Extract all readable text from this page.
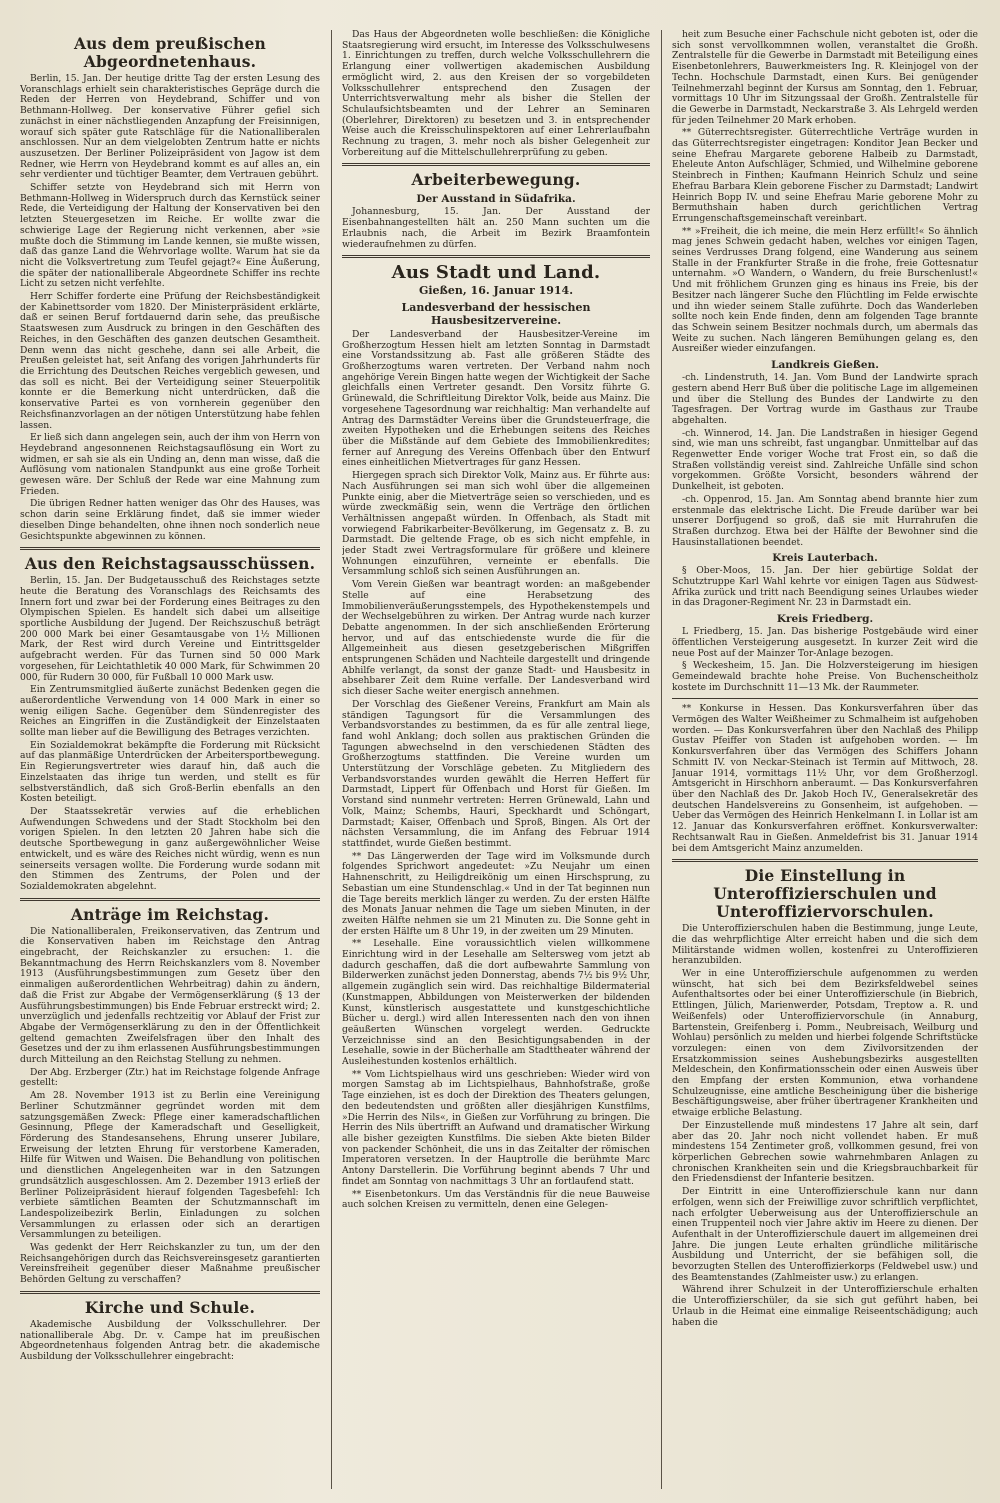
Aus dem preußischen Abgeordnetenhaus.

Berlin, 15. Jan. Der heutige dritte Tag der ersten Lesung des Voranschlags erhielt sein charakteristisches Gepräge durch die Reden der Herren von Heydebrand, Schiffer und von Bethmann-Hollweg. Der konservative Führer gefiel sich zunächst in einer nächstliegenden Anzapfung der Freisinnigen, worauf sich später gute Ratschläge für die Nationalliberalen anschlossen. Nur an dem vielgelobten Zentrum hatte er nichts auszusetzen. Der Berliner Polizeipräsident von Jagow ist dem Redner, wie Herrn von Heydebrand kommt es auf alles an, ein sehr verdienter und tüchtiger Beamter, dem Vertrauen gebührt.

Schiffer setzte von Heydebrand sich mit Herrn von Bethmann-Hollweg in Widerspruch durch das Kernstück seiner Rede, die Verteidigung der Haltung der Konservativen bei den letzten Steuergesetzen im Reiche. Er wollte zwar die schwierige Lage der Regierung nicht verkennen, aber »sie mußte doch die Stimmung im Lande kennen, sie mußte wissen, daß das ganze Land die Wehrvorlage wollte. Warum hat sie da nicht die Volksvertretung zum Teufel gejagt?« Eine Äußerung, die später der nationalliberale Abgeordnete Schiffer ins rechte Licht zu setzen nicht verfehlte.

Herr Schiffer forderte eine Prüfung der Reichsbeständigkeit der Kabinettsorder vom 1820. Der Ministerpräsident erklärte, daß er seinen Beruf fortdauernd darin sehe, das preußische Staatswesen zum Ausdruck zu bringen in den Geschäften des Reiches, in den Geschäften des ganzen deutschen Gesamtheit. Denn wenn das nicht geschehe, dann sei alle Arbeit, die Preußen geleistet hat, seit Anfang des vorigen Jahrhunderts für die Errichtung des Deutschen Reiches vergeblich gewesen, und das soll es nicht. Bei der Verteidigung seiner Steuerpolitik konnte er die Bemerkung nicht unterdrücken, daß die konservative Partei es von vornherein gegenüber den Reichsfinanzvorlagen an der nötigen Unterstützung habe fehlen lassen.

Er ließ sich dann angelegen sein, auch der ihm von Herrn von Heydebrand angesonnenen Reichstagsauflösung ein Wort zu widmen, er sah sie als ein Unding an, denn man wisse, daß die Auflösung vom nationalen Standpunkt aus eine große Torheit gewesen wäre. Der Schluß der Rede war eine Mahnung zum Frieden.

Die übrigen Redner hatten weniger das Ohr des Hauses, was schon darin seine Erklärung findet, daß sie immer wieder dieselben Dinge behandelten, ohne ihnen noch sonderlich neue Gesichtspunkte abgewinnen zu können.

Aus den Reichstagsausschüssen.

Berlin, 15. Jan. Der Budgetausschuß des Reichstages setzte heute die Beratung des Voranschlags des Reichsamts des Innern fort und zwar bei der Forderung eines Beitrages zu den Olympischen Spielen. Es handelt sich dabei um allseitige sportliche Ausbildung der Jugend. Der Reichszuschuß beträgt 200 000 Mark bei einer Gesamtausgabe von 1½ Millionen Mark, der Rest wird durch Vereine und Eintrittsgelder aufgebracht werden. Für das Turnen sind 50 000 Mark vorgesehen, für Leichtathletik 40 000 Mark, für Schwimmen 20 000, für Rudern 30 000, für Fußball 10 000 Mark usw.

Ein Zentrumsmitglied äußerte zunächst Bedenken gegen die außerordentliche Verwendung von 14 000 Mark in einer so wenig eiligen Sache. Gegenüber dem Sündenregister des Reiches an Eingriffen in die Zuständigkeit der Einzelstaaten sollte man lieber auf die Bewilligung des Betrages verzichten.

Ein Sozialdemokrat bekämpfte die Forderung mit Rücksicht auf das planmäßige Unterdrücken der Arbeitersportbewegung. Ein Regierungsvertreter wies darauf hin, daß auch die Einzelstaaten das ihrige tun werden, und stellt es für selbstverständlich, daß sich Groß-Berlin ebenfalls an den Kosten beteiligt.

Der Staatssekretär verwies auf die erheblichen Aufwendungen Schwedens und der Stadt Stockholm bei den vorigen Spielen. In den letzten 20 Jahren habe sich die deutsche Sportbewegung in ganz außergewöhnlicher Weise entwickelt, und es wäre des Reiches nicht würdig, wenn es nun seinerseits versagen wollte. Die Forderung wurde sodann mit den Stimmen des Zentrums, der Polen und der Sozialdemokraten abgelehnt.

Anträge im Reichstag.

Die Nationalliberalen, Freikonservativen, das Zentrum und die Konservativen haben im Reichstage den Antrag eingebracht, der Reichskanzler zu ersuchen: 1. die Bekanntmachung des Herrn Reichskanzlers vom 8. November 1913 (Ausführungsbestimmungen zum Gesetz über den einmaligen außerordentlichen Wehrbeitrag) dahin zu ändern, daß die Frist zur Abgabe der Vermögenserklärung (§ 13 der Ausführungsbestimmungen) bis Ende Februar erstreckt wird; 2. unverzüglich und jedenfalls rechtzeitig vor Ablauf der Frist zur Abgabe der Vermögenserklärung zu den in der Öffentlichkeit geltend gemachten Zweifelsfragen über den Inhalt des Gesetzes und der zu ihm erlassenen Ausführungsbestimmungen durch Mitteilung an den Reichstag Stellung zu nehmen.

Der Abg. Erzberger (Ztr.) hat im Reichstage folgende Anfrage gestellt:

Am 28. November 1913 ist zu Berlin eine Vereinigung Berliner Schutzmänner gegründet worden mit dem satzungsgemäßen Zweck: Pflege einer kameradschaftlichen Gesinnung, Pflege der Kameradschaft und Geselligkeit, Förderung des Standesansehens, Ehrung unserer Jubilare, Erweisung der letzten Ehrung für verstorbene Kameraden, Hilfe für Witwen und Waisen. Die Behandlung von politischen und dienstlichen Angelegenheiten war in den Satzungen grundsätzlich ausgeschlossen. Am 2. Dezember 1913 erließ der Berliner Polizeipräsident hierauf folgenden Tagesbefehl: Ich verbiete sämtlichen Beamten der Schutzmannschaft im Landespolizeibezirk Berlin, Einladungen zu solchen Versammlungen zu erlassen oder sich an derartigen Versammlungen zu beteiligen.

Was gedenkt der Herr Reichskanzler zu tun, um der den Reichsangehörigen durch das Reichsvereinsgesetz garantierten Vereinsfreiheit gegenüber dieser Maßnahme preußischer Behörden Geltung zu verschaffen?

Kirche und Schule.

Akademische Ausbildung der Volksschullehrer. Der nationalliberale Abg. Dr. v. Campe hat im preußischen Abgeordnetenhaus folgenden Antrag betr. die akademische Ausbildung der Volksschullehrer eingebracht:

Das Haus der Abgeordneten wolle beschließen: die Königliche Staatsregierung wird ersucht, im Interesse des Volksschulwesens 1. Einrichtungen zu treffen, durch welche Volksschullehrern die Erlangung einer vollwertigen akademischen Ausbildung ermöglicht wird, 2. aus den Kreisen der so vorgebildeten Volksschullehrer entsprechend den Zusagen der Unterrichtsverwaltung mehr als bisher die Stellen der Schulaufsichtsbeamten und der Lehrer an Seminaren (Oberlehrer, Direktoren) zu besetzen und 3. in entsprechender Weise auch die Kreisschulinspektoren auf einer Lehrerlaufbahn Rechnung zu tragen, 3. mehr noch als bisher Gelegenheit zur Vorbereitung auf die Mittelschullehrerprüfung zu geben.

Arbeiterbewegung.
Der Ausstand in Südafrika.

Johannesburg, 15. Jan. Der Ausstand der Eisenbahnangestellten hält an. 250 Mann suchten um die Erlaubnis nach, die Arbeit im Bezirk Braamfontein wiederaufnehmen zu dürfen.

Aus Stadt und Land.
Gießen, 16. Januar 1914.
Landesverband der hessischen Hausbesitzervereine.

Der Landesverband der Hausbesitzer-Vereine im Großherzogtum Hessen hielt am letzten Sonntag in Darmstadt eine Vorstandssitzung ab. Fast alle größeren Städte des Großherzogtums waren vertreten. Der Verband nahm noch angehörige Verein Bingen hatte wegen der Wichtigkeit der Sache gleichfalls einen Vertreter gesandt. Den Vorsitz führte G. Grünewald, die Schriftleitung Direktor Volk, beide aus Mainz. Die vorgesehene Tagesordnung war reichhaltig: Man verhandelte auf Antrag des Darmstädter Vereins über die Grundsteuerfrage, die zweiten Hypotheken und die Erhebungen seitens des Reiches über die Mißstände auf dem Gebiete des Immobilienkredites; ferner auf Anregung des Vereins Offenbach über den Entwurf eines einheitlichen Mietvertrages für ganz Hessen.

Hiergegen sprach sich Direktor Volk, Mainz aus. Er führte aus: Nach Ausführungen sei man sich wohl über die allgemeinen Punkte einig, aber die Mietverträge seien so verschieden, und es würde zweckmäßig sein, wenn die Verträge den örtlichen Verhältnissen angepaßt würden. In Offenbach, als Stadt mit vorwiegend Fabrikarbeiter-Bevölkerung, im Gegensatz z. B. zu Darmstadt. Die geltende Frage, ob es sich nicht empfehle, in jeder Stadt zwei Vertragsformulare für größere und kleinere Wohnungen einzuführen, verneinte er ebenfalls. Die Versammlung schloß sich seinen Ausführungen an.

Vom Verein Gießen war beantragt worden: an maßgebender Stelle auf eine Herabsetzung des Immobilienveräußerungsstempels, des Hypothekenstempels und der Wechselgebühren zu wirken. Der Antrag wurde nach kurzer Debatte angenommen. In der sich anschließenden Erörterung hervor, und auf das entschiedenste wurde die für die Allgemeinheit aus diesen gesetzgeberischen Mißgriffen entsprungenen Schäden und Nachteile dargestellt und dringende Abhilfe verlangt, da sonst der ganze Stadt- und Hausbesitz in absehbarer Zeit dem Ruine verfalle. Der Landesverband wird sich dieser Sache weiter energisch annehmen.

Der Vorschlag des Gießener Vereins, Frankfurt am Main als ständigen Tagungsort für die Versammlungen des Verbandsvorstandes zu bestimmen, da es für alle zentral liege, fand wohl Anklang; doch sollen aus praktischen Gründen die Tagungen abwechselnd in den verschiedenen Städten des Großherzogtums stattfinden. Die Vereine wurden um Unterstützung der Vorschläge gebeten. Zu Mitgliedern des Verbandsvorstandes wurden gewählt die Herren Heffert für Darmstadt, Lippert für Offenbach und Horst für Gießen. Im Vorstand sind nunmehr vertreten: Herren Grünewald, Lahn und Volk, Mainz; Schembs, Hauri, Speckhardt und Schöngart, Darmstadt; Kaiser, Offenbach und Sproß, Bingen. Als Ort der nächsten Versammlung, die im Anfang des Februar 1914 stattfindet, wurde Gießen bestimmt.

** Das Längerwerden der Tage wird im Volksmunde durch folgendes Sprichwort angedeutet: »Zu Neujahr um einen Hahnenschritt, zu Heiligdreikönig um einen Hirschsprung, zu Sebastian um eine Stundenschlag.« Und in der Tat beginnen nun die Tage bereits merklich länger zu werden. Zu der ersten Hälfte des Monats Januar nehmen die Tage um sieben Minuten, in der zweiten Hälfte nehmen sie um 21 Minuten zu. Die Sonne geht in der ersten Hälfte um 8 Uhr 19, in der zweiten um 29 Minuten.

** Lesehalle. Eine voraussichtlich vielen willkommene Einrichtung wird in der Lesehalle am Seltersweg vom jetzt ab dadurch geschaffen, daß die dort aufbewahrte Sammlung von Bilderwerken zunächst jeden Donnerstag, abends 7½ bis 9½ Uhr, allgemein zugänglich sein wird. Das reichhaltige Bildermaterial (Kunstmappen, Abbildungen von Meisterwerken der bildenden Kunst, künstlerisch ausgestattete und kunstgeschichtliche Bücher u. dergl.) wird allen Interessenten nach den von ihnen geäußerten Wünschen vorgelegt werden. Gedruckte Verzeichnisse sind an den Besichtigungsabenden in der Lesehalle, sowie in der Bücherhalle am Stadttheater während der Ausleihestunden kostenlos erhältlich.

** Vom Lichtspielhaus wird uns geschrieben: Wieder wird von morgen Samstag ab im Lichtspielhaus, Bahnhofstraße, große Tage einziehen, ist es doch der Direktion des Theaters gelungen, den bedeutendsten und größten aller diesjährigen Kunstfilms, »Die Herrin des Nils«, in Gießen zur Vorführung zu bringen. Die Herrin des Nils übertrifft an Aufwand und dramatischer Wirkung alle bisher gezeigten Kunstfilms. Die sieben Akte bieten Bilder von packender Schönheit, die uns in das Zeitalter der römischen Imperatoren versetzen. In der Hauptrolle die berühmte Marc Antony Darstellerin. Die Vorführung beginnt abends 7 Uhr und findet am Sonntag von nachmittags 3 Uhr an fortlaufend statt.

** Eisenbetonkurs. Um das Verständnis für die neue Bauweise auch solchen Kreisen zu vermitteln, denen eine Gelegen-

heit zum Besuche einer Fachschule nicht geboten ist, oder die sich sonst vervollkommnen wollen, veranstaltet die Großh. Zentralstelle für die Gewerbe in Darmstadt mit Beteiligung eines Eisenbetonlehrers, Bauwerkmeisters Ing. R. Kleinjogel von der Techn. Hochschule Darmstadt, einen Kurs. Bei genügender Teilnehmerzahl beginnt der Kursus am Sonntag, den 1. Februar, vormittags 10 Uhr im Sitzungssaal der Großh. Zentralstelle für die Gewerbe in Darmstadt, Neckarstraße 3. Als Lehrgeld werden für jeden Teilnehmer 20 Mark erhoben.

** Güterrechtsregister. Güterrechtliche Verträge wurden in das Güterrechtsregister eingetragen: Konditor Jean Becker und seine Ehefrau Margarete geborene Halbeib zu Darmstadt, Eheleute Anton Aufschläger, Schmied, und Wilhelmine geborene Steinbrech in Finthen; Kaufmann Heinrich Schulz und seine Ehefrau Barbara Klein geborene Fischer zu Darmstadt; Landwirt Heinrich Bopp IV. und seine Ehefrau Marie geborene Mohr zu Bermuthshain haben durch gerichtlichen Vertrag Errungenschaftsgemeinschaft vereinbart.

** »Freiheit, die ich meine, die mein Herz erfüllt!« So ähnlich mag jenes Schwein gedacht haben, welches vor einigen Tagen, seines Verdrusses Drang folgend, eine Wanderung aus seinem Stalle in der Frankfurter Straße in die frohe, freie Gottesnatur unternahm. »O Wandern, o Wandern, du freie Burschenlust!« Und mit fröhlichem Grunzen ging es hinaus ins Freie, bis der Besitzer nach längerer Suche den Flüchtling im Felde erwischte und ihn wieder seinem Stalle zuführte. Doch das Wanderleben sollte noch kein Ende finden, denn am folgenden Tage brannte das Schwein seinem Besitzer nochmals durch, um abermals das Weite zu suchen. Nach längeren Bemühungen gelang es, den Ausreißer wieder einzufangen.

Landkreis Gießen.

-ch. Lindenstruth, 14. Jan. Vom Bund der Landwirte sprach gestern abend Herr Buß über die politische Lage im allgemeinen und über die Stellung des Bundes der Landwirte zu den Tagesfragen. Der Vortrag wurde im Gasthaus zur Traube abgehalten.

-ch. Winnerod, 14. Jan. Die Landstraßen in hiesiger Gegend sind, wie man uns schreibt, fast ungangbar. Unmittelbar auf das Regenwetter Ende voriger Woche trat Frost ein, so daß die Straßen vollständig vereist sind. Zahlreiche Unfälle sind schon vorgekommen. Größte Vorsicht, besonders während der Dunkelheit, ist geboten.

-ch. Oppenrod, 15. Jan. Am Sonntag abend brannte hier zum erstenmale das elektrische Licht. Die Freude darüber war bei unserer Dorfjugend so groß, daß sie mit Hurrahrufen die Straßen durchzog. Etwa bei der Hälfte der Bewohner sind die Hausinstallationen beendet.

Kreis Lauterbach.

§ Ober-Moos, 15. Jan. Der hier gebürtige Soldat der Schutztruppe Karl Wahl kehrte vor einigen Tagen aus Südwest-Afrika zurück und tritt nach Beendigung seines Urlaubes wieder in das Dragoner-Regiment Nr. 23 in Darmstadt ein.

Kreis Friedberg.

L Friedberg, 15. Jan. Das bisherige Postgebäude wird einer öffentlichen Versteigerung ausgesetzt. In kurzer Zeit wird die neue Post auf der Mainzer Tor-Anlage bezogen.

§ Weckesheim, 15. Jan. Die Holzversteigerung im hiesigen Gemeindewald brachte hohe Preise. Von Buchenscheitholz kostete im Durchschnitt 11—13 Mk. der Raummeter.

** Konkurse in Hessen. Das Konkursverfahren über das Vermögen des Walter Weißheimer zu Schmalheim ist aufgehoben worden. — Das Konkursverfahren über den Nachlaß des Philipp Gustav Pfeiffer von Staden ist aufgehoben worden. — Im Konkursverfahren über das Vermögen des Schiffers Johann Schmitt IV. von Neckar-Steinach ist Termin auf Mittwoch, 28. Januar 1914, vormittags 11½ Uhr, vor dem Großherzogl. Amtsgericht in Hirschhorn anberaumt. — Das Konkursverfahren über den Nachlaß des Dr. Jakob Hoch IV., Generalsekretär des deutschen Handelsvereins zu Gonsenheim, ist aufgehoben. — Ueber das Vermögen des Heinrich Henkelmann I. in Lollar ist am 12. Januar das Konkursverfahren eröffnet. Konkursverwalter: Rechtsanwalt Rau in Gießen. Anmeldefrist bis 31. Januar 1914 bei dem Amtsgericht Mainz anzumelden.

Die Einstellung in Unteroffizierschulen und Unteroffiziervorschulen.

Die Unteroffizierschulen haben die Bestimmung, junge Leute, die das wehrpflichtige Alter erreicht haben und die sich dem Militärstande widmen wollen, kostenfrei zu Unteroffizieren heranzubilden.

Wer in eine Unteroffizierschule aufgenommen zu werden wünscht, hat sich bei dem Bezirksfeldwebel seines Aufenthaltsortes oder bei einer Unteroffizierschule (in Biebrich, Ettlingen, Jülich, Marienwerder, Potsdam, Treptow a. R. und Weißenfels) oder Unteroffiziervorschule (in Annaburg, Bartenstein, Greifenberg i. Pomm., Neubreisach, Weilburg und Wohlau) persönlich zu melden und hierbei folgende Schriftstücke vorzulegen: einen von dem Zivilvorsitzenden der Ersatzkommission seines Aushebungsbezirks ausgestellten Meldeschein, den Konfirmationsschein oder einen Ausweis über den Empfang der ersten Kommunion, etwa vorhandene Schulzeugnisse, eine amtliche Bescheinigung über die bisherige Beschäftigungsweise, aber früher übertragener Krankheiten und etwaige erbliche Belastung.

Der Einzustellende muß mindestens 17 Jahre alt sein, darf aber das 20. Jahr noch nicht vollendet haben. Er muß mindestens 154 Zentimeter groß, vollkommen gesund, frei von körperlichen Gebrechen sowie wahrnehmbaren Anlagen zu chronischen Krankheiten sein und die Kriegsbrauchbarkeit für den Friedensdienst der Infanterie besitzen.

Der Eintritt in eine Unteroffizierschule kann nur dann erfolgen, wenn sich der Freiwillige zuvor schriftlich verpflichtet, nach erfolgter Ueberweisung aus der Unteroffizierschule an einen Truppenteil noch vier Jahre aktiv im Heere zu dienen. Der Aufenthalt in der Unteroffizierschule dauert im allgemeinen drei Jahre. Die jungen Leute erhalten gründliche militärische Ausbildung und Unterricht, der sie befähigen soll, die bevorzugten Stellen des Unteroffizierkorps (Feldwebel usw.) und des Beamtenstandes (Zahlmeister usw.) zu erlangen.

Während ihrer Schulzeit in der Unteroffizierschule erhalten die Unteroffizierschüler, da sie sich gut geführt haben, bei Urlaub in die Heimat eine einmalige Reiseentschädigung; auch haben die
